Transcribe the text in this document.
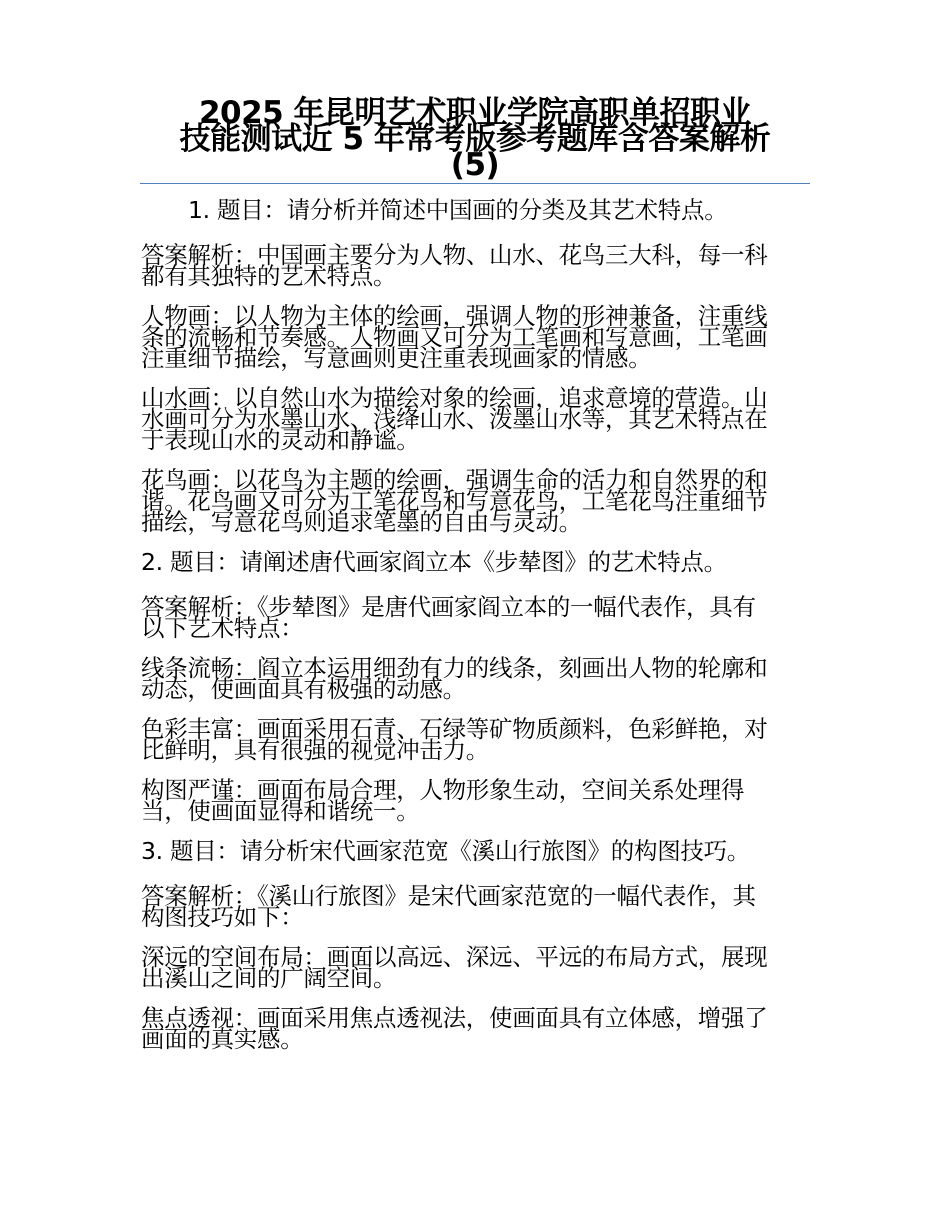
2025 年昆明艺术职业学院高职单招职业
技能测试近 5 年常考版参考题库含答案解析
(5)
1. 题目：请分析并简述中国画的分类及其艺术特点。
答案解析：中国画主要分为人物、山水、花鸟三大科，每一科
都有其独特的艺术特点。
人物画：以人物为主体的绘画，强调人物的形神兼备，注重线
条的流畅和节奏感。人物画又可分为工笔画和写意画，工笔画
注重细节描绘，写意画则更注重表现画家的情感。
山水画：以自然山水为描绘对象的绘画，追求意境的营造。山
水画可分为水墨山水、浅绛山水、泼墨山水等，其艺术特点在
于表现山水的灵动和静谧。
花鸟画：以花鸟为主题的绘画，强调生命的活力和自然界的和
谐。花鸟画又可分为工笔花鸟和写意花鸟，工笔花鸟注重细节
描绘，写意花鸟则追求笔墨的自由与灵动。
2. 题目：请阐述唐代画家阎立本《步辇图》的艺术特点。
答案解析：《步辇图》是唐代画家阎立本的一幅代表作，具有
以下艺术特点：
线条流畅：阎立本运用细劲有力的线条，刻画出人物的轮廓和
动态，使画面具有极强的动感。
色彩丰富：画面采用石青、石绿等矿物质颜料，色彩鲜艳，对
比鲜明，具有很强的视觉冲击力。
构图严谨：画面布局合理，人物形象生动，空间关系处理得
当，使画面显得和谐统一。
3. 题目：请分析宋代画家范宽《溪山行旅图》的构图技巧。
答案解析：《溪山行旅图》是宋代画家范宽的一幅代表作，其
构图技巧如下：
深远的空间布局：画面以高远、深远、平远的布局方式，展现
出溪山之间的广阔空间。
焦点透视：画面采用焦点透视法，使画面具有立体感，增强了
画面的真实感。
